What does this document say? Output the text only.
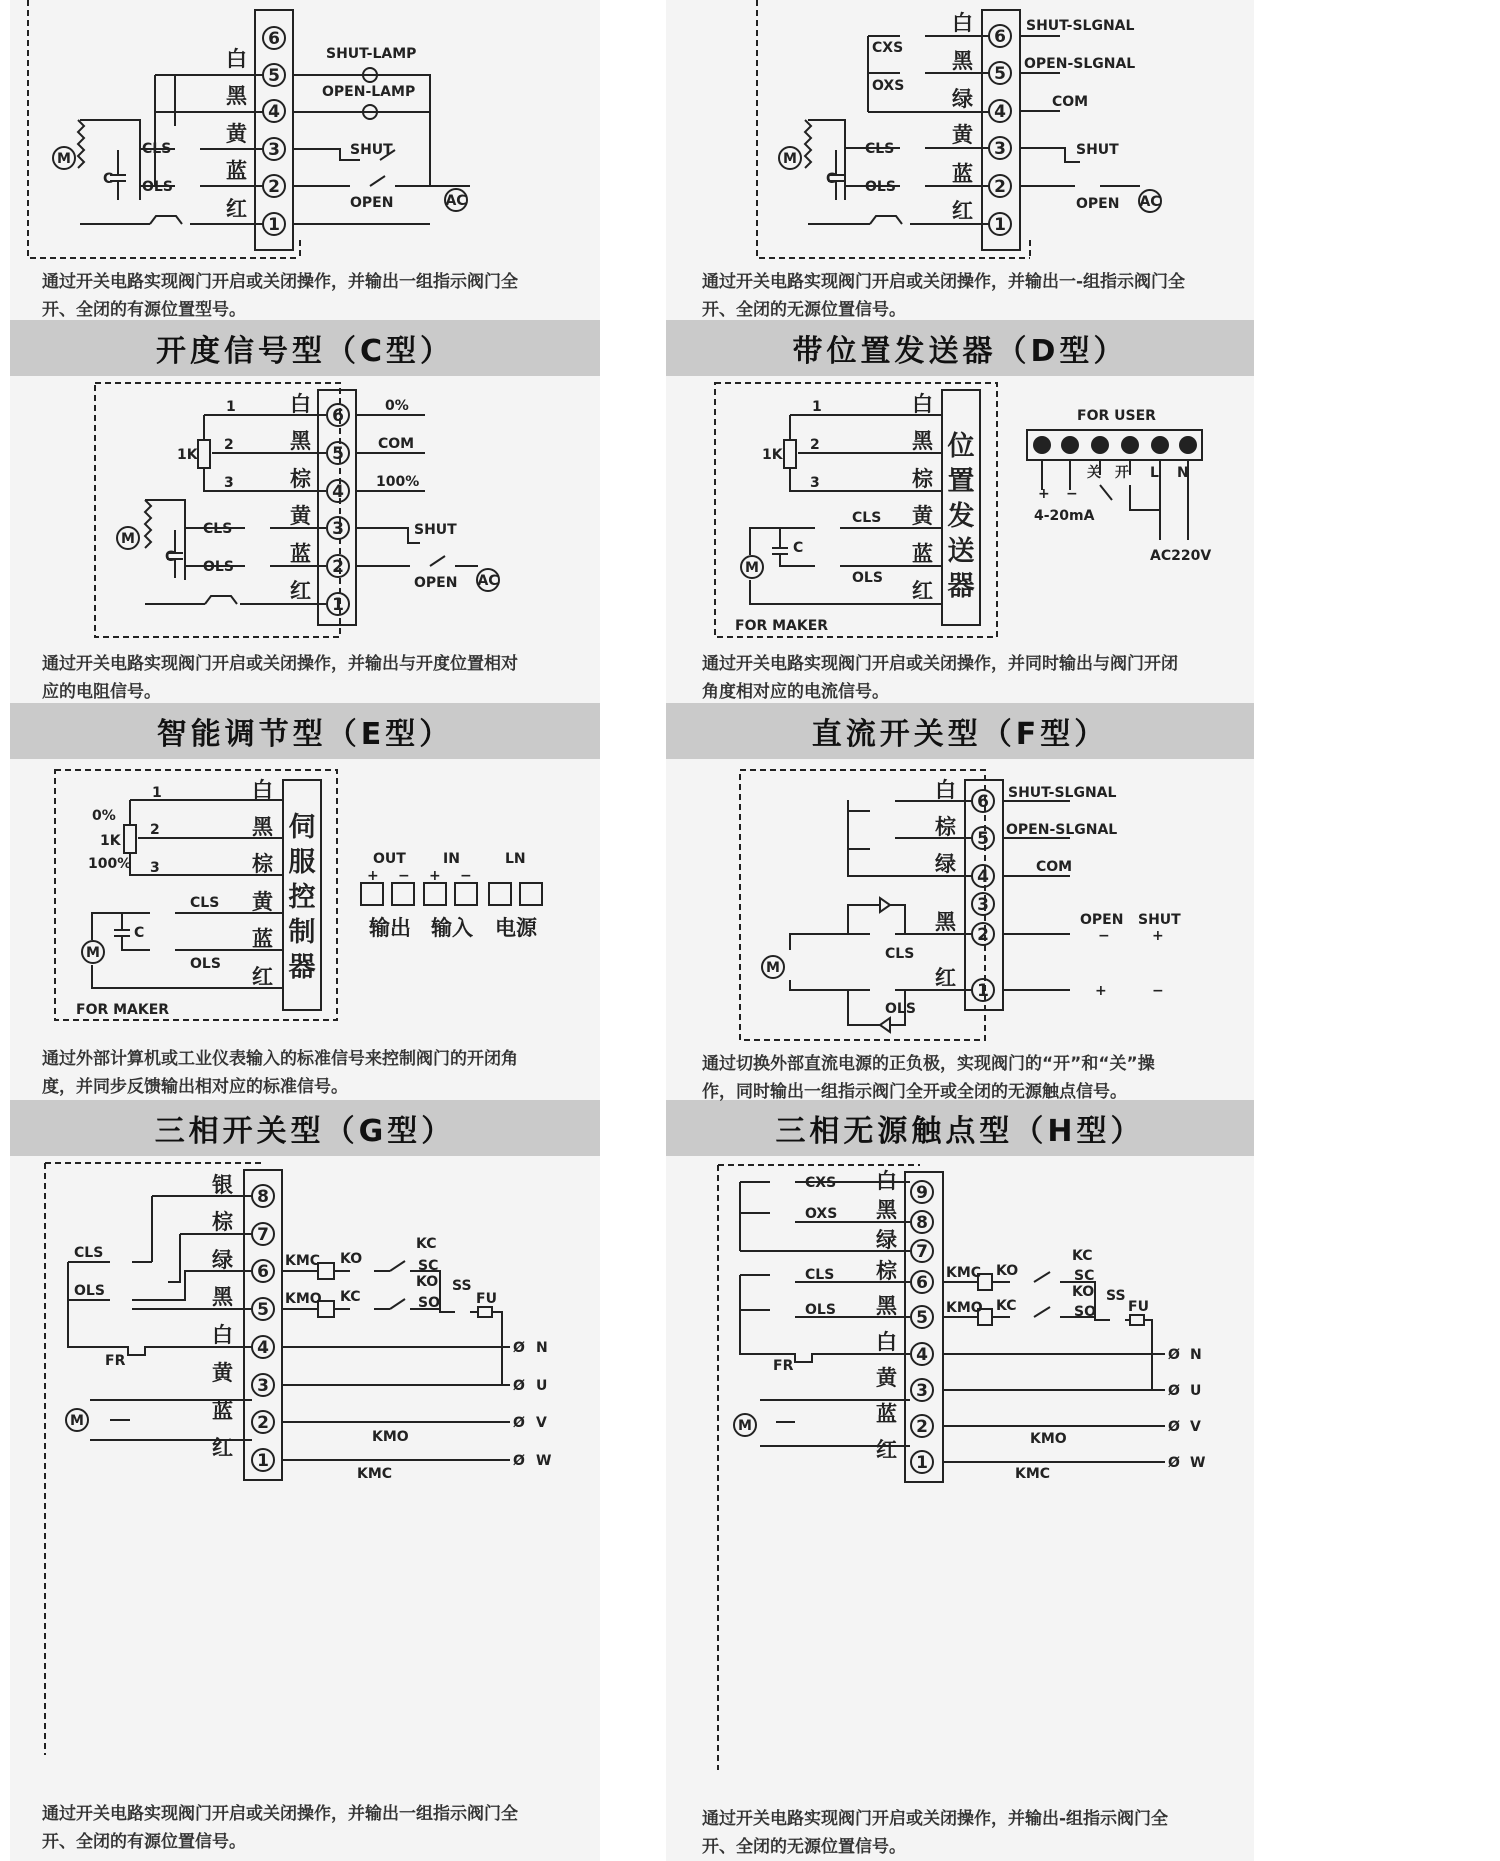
开度信号型（C型）	带位置发送器（D型）
智能调节型（E型）	直流开关型（F型）
三相开关型（G型）	三相无源触点型（H型）
通过开关电路实现阀门开启或关闭操作，并输出一组指示阀门全
开、全闭的有源位置型号。
通过开关电路实现阀门开启或关闭操作，并输出一-组指示阀门全
开、全闭的无源位置信号。
通过开关电路实现阀门开启或关闭操作，并输出与开度位置相对
应的电阻信号。
通过开关电路实现阀门开启或关闭操作，并同时输出与阀门开闭
角度相对应的电流信号。
通过外部计算机或工业仪表输入的标准信号来控制阀门的开闭角
度，并同步反馈输出相对应的标准信号。
通过切换外部直流电源的正负极，实现阀门的“开”和“关”操
作，同时输出一组指示阀门全开或全闭的无源触点信号。
通过开关电路实现阀门开启或关闭操作，并输出一组指示阀门全
开、全闭的有源位置信号。
通过开关电路实现阀门开启或关闭操作，并输出-组指示阀门全
开、全闭的无源位置信号。
6
5
4
3
2
1
白
黑
黄
蓝
红
C
CLS
OLS
M
SHUT-LAMP
OPEN-LAMP
SHUT
OPEN	AC
6
5
4
3
2
1
白
黑
绿
黄
蓝
红
CXS
OXS
C
CLS
OLS
M
SHUT-SLGNAL
OPEN-SLGNAL
COM
SHUT
OPEN AC
6
5
4
3
2
1
白
黑
棕
黄
蓝
红
1
2
3
1K
0%
COM
100%
C
CLS
OLS
M
SHUT
OPEN AC
位
置
发
送
器
白
黑
棕
黄
蓝
红
1
2
3
1K
C
CLS
OLS
M
FOR MAKER
FOR USER
+ −
4-20mA
关 开 L N
AC220V
伺
服
控
制
器
白
黑
棕
黄
蓝
红
1
2
3
0%
1K
100%
C
CLS
OLS
M
FOR MAKER
OUT	IN	LN
+ − + −
输出 输入 电源
6
5
4
3
2
1
白
棕
绿
黑
红
CLS
OLS
M
SHUT-SLGNAL
OPEN-SLGNAL
COM
OPEN SHUT
−	+
+	−
8
7
6
5
4
3
2
1
银
棕
绿
黑
白
黄
蓝
红
CLS
OLS
FR
KMC
KMO
KO
KC
KC
SC
KO
SO
SS
FU
Ø N
Ø U
Ø V
Ø W
M
KMO
KMC
9
8
7
6
5
4
3
2
1
白
黑
绿
棕
黑
白
黄
蓝
红
CXS
OXS
CLS
OLS
FR
KMC
KMO
KO
KC
KC
SC
KO
SO
SS
FU
Ø N
Ø U
Ø V
Ø W
M
KMO
KMC
